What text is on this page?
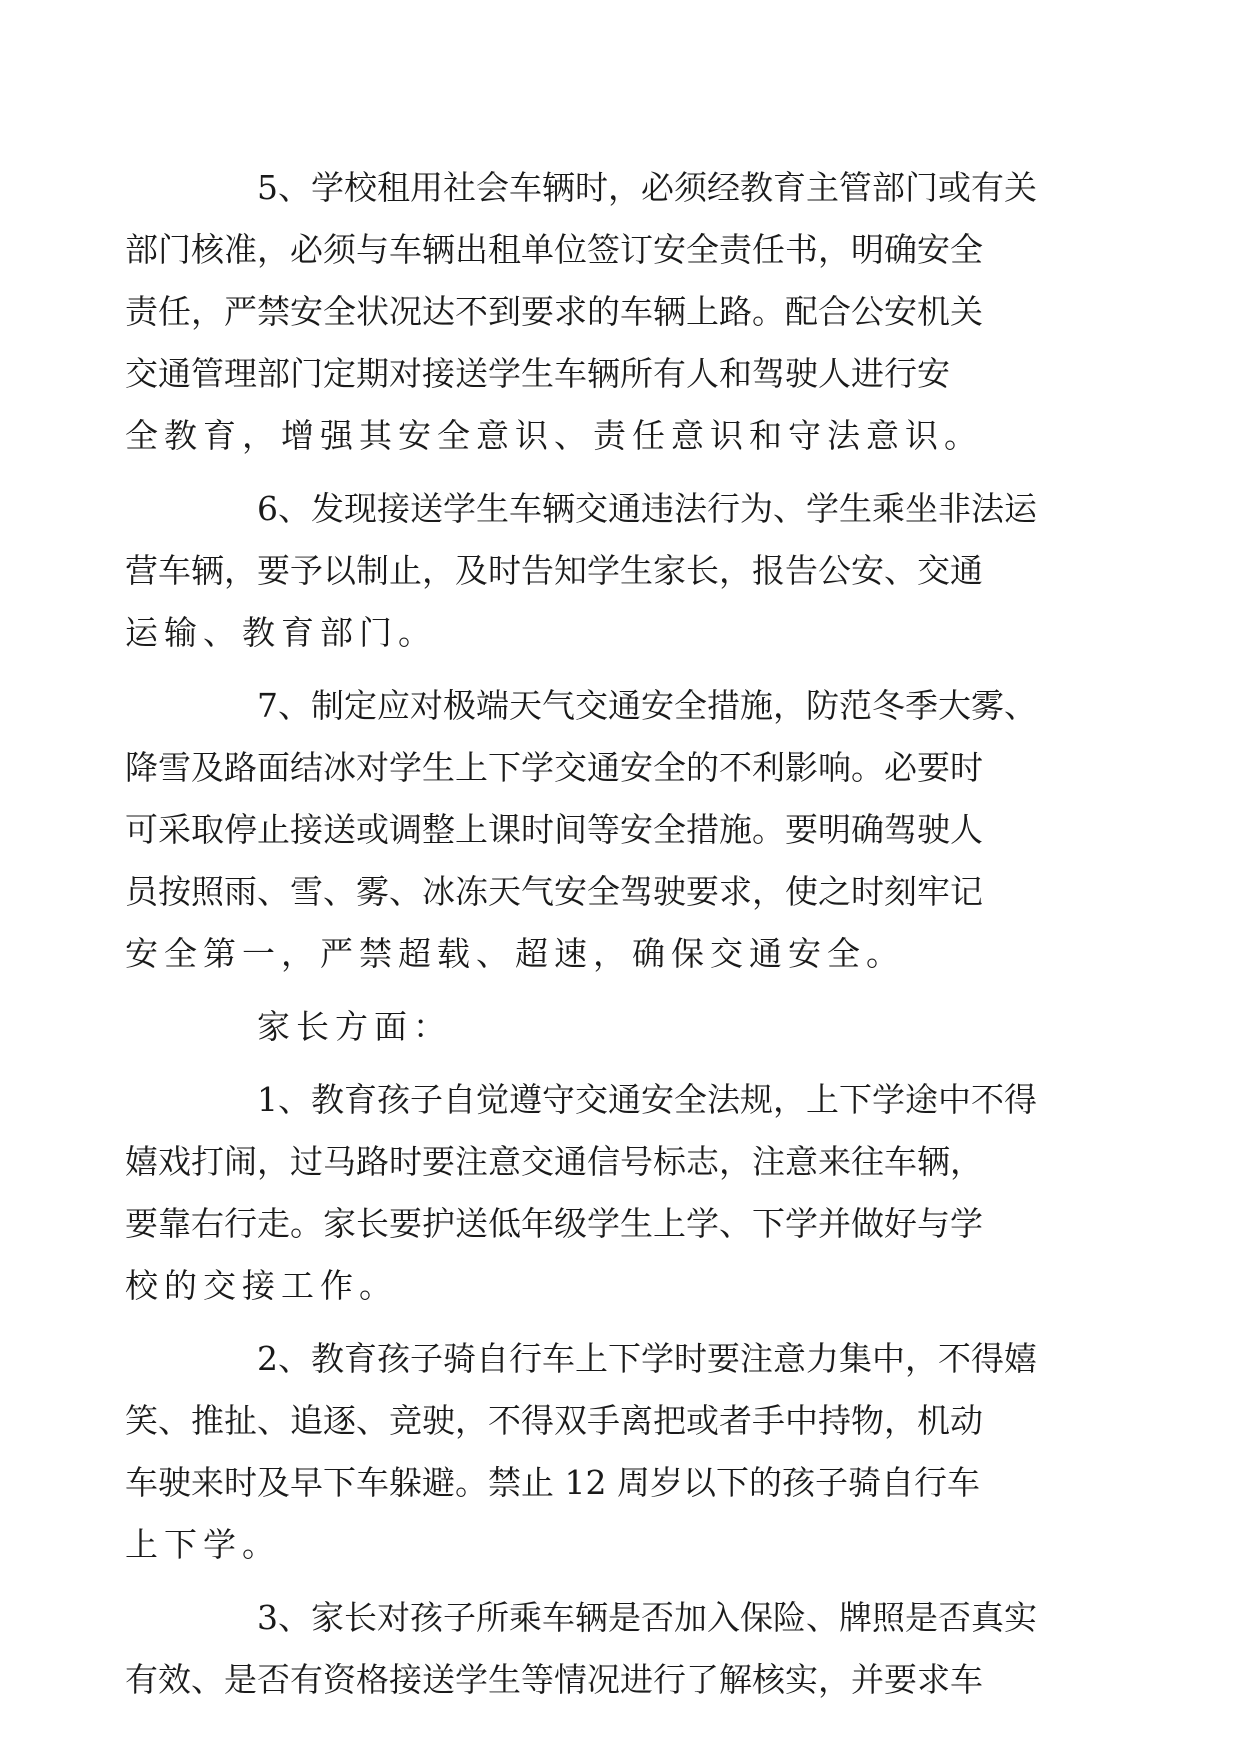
5、学校租用社会车辆时，必须经教育主管部门或有关
部门核准，必须与车辆出租单位签订安全责任书，明确安全
责任，严禁安全状况达不到要求的车辆上路。配合公安机关
交通管理部门定期对接送学生车辆所有人和驾驶人进行安
全教育，增强其安全意识、责任意识和守法意识。
6、发现接送学生车辆交通违法行为、学生乘坐非法运
营车辆，要予以制止，及时告知学生家长，报告公安、交通
运输、教育部门。
7、制定应对极端天气交通安全措施，防范冬季大雾、
降雪及路面结冰对学生上下学交通安全的不利影响。必要时
可采取停止接送或调整上课时间等安全措施。要明确驾驶人
员按照雨、雪、雾、冰冻天气安全驾驶要求，使之时刻牢记
安全第一，严禁超载、超速，确保交通安全。
家长方面：
1、教育孩子自觉遵守交通安全法规，上下学途中不得
嬉戏打闹，过马路时要注意交通信号标志，注意来往车辆，
要靠右行走。家长要护送低年级学生上学、下学并做好与学
校的交接工作。
2、教育孩子骑自行车上下学时要注意力集中，不得嬉
笑、推扯、追逐、竞驶，不得双手离把或者手中持物，机动
车驶来时及早下车躲避。禁止 12 周岁以下的孩子骑自行车
上下学。
3、家长对孩子所乘车辆是否加入保险、牌照是否真实
有效、是否有资格接送学生等情况进行了解核实，并要求车
